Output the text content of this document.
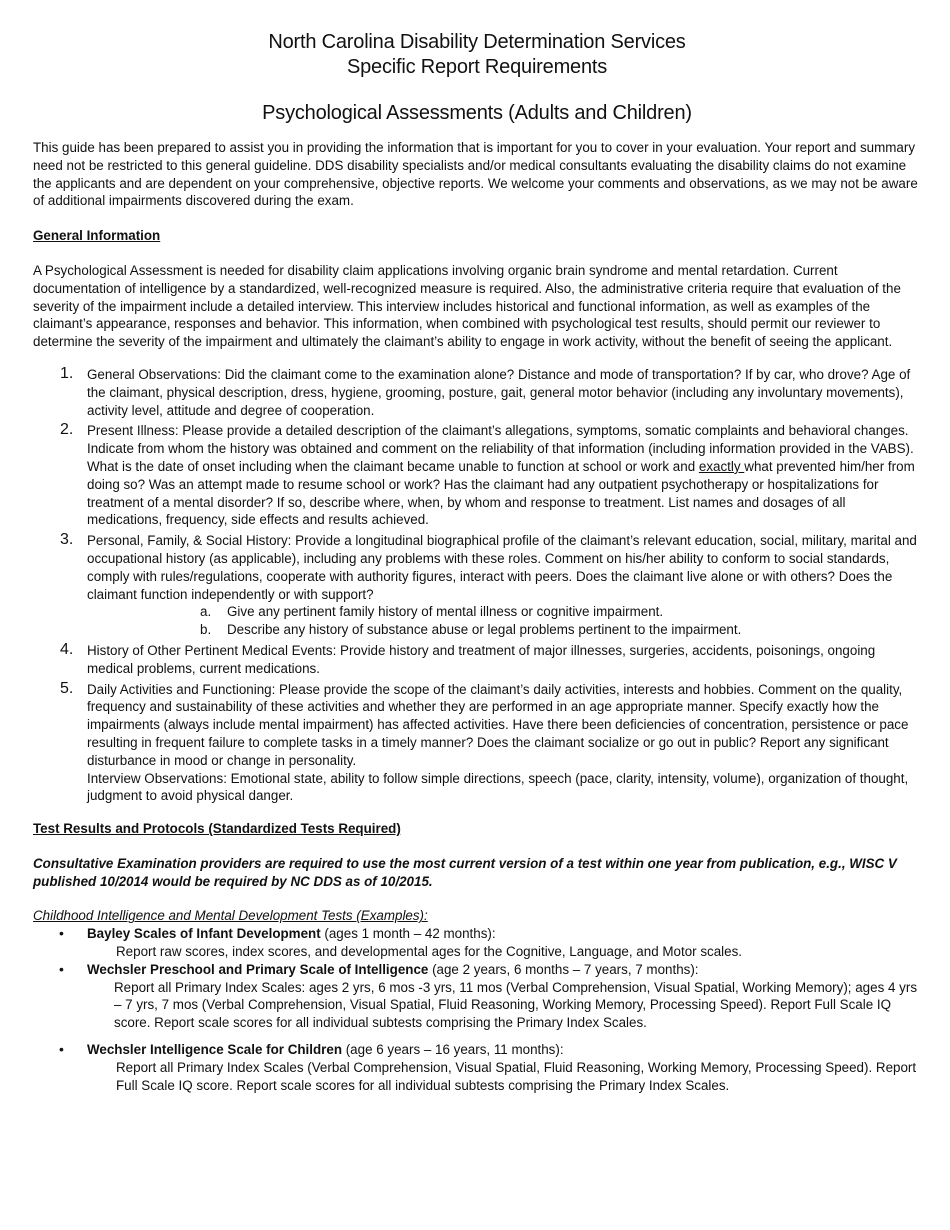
North Carolina Disability Determination Services
Specific Report Requirements
Psychological Assessments (Adults and Children)

This guide has been prepared to assist you in providing the information that is important for you to cover in your evaluation. Your report and summary need not be restricted to this general guideline. DDS disability specialists and/or medical consultants evaluating the disability claims do not examine the applicants and are dependent on your comprehensive, objective reports. We welcome your comments and observations, as we may not be aware of additional impairments discovered during the exam.

General Information

A Psychological Assessment is needed for disability claim applications involving organic brain syndrome and mental retardation. Current documentation of intelligence by a standardized, well-recognized measure is required. Also, the administrative criteria require that evaluation of the severity of the impairment include a detailed interview. This interview includes historical and functional information, as well as examples of the claimant’s appearance, responses and behavior. This information, when combined with psychological test results, should permit our reviewer to determine the severity of the impairment and ultimately the claimant’s ability to engage in work activity, without the benefit of seeing the applicant.

1. General Observations: Did the claimant come to the examination alone? Distance and mode of transportation? If by car, who drove? Age of the claimant, physical description, dress, hygiene, grooming, posture, gait, general motor behavior (including any involuntary movements), activity level, attitude and degree of cooperation.
2. Present Illness: Please provide a detailed description of the claimant’s allegations, symptoms, somatic complaints and behavioral changes. Indicate from whom the history was obtained and comment on the reliability of that information (including information provided in the VABS). What is the date of onset including when the claimant became unable to function at school or work and exactly what prevented him/her from doing so? Was an attempt made to resume school or work? Has the claimant had any outpatient psychotherapy or hospitalizations for treatment of a mental disorder? If so, describe where, when, by whom and response to treatment. List names and dosages of all medications, frequency, side effects and results achieved.
3. Personal, Family, & Social History: Provide a longitudinal biographical profile of the claimant’s relevant education, social, military, marital and occupational history (as applicable), including any problems with these roles. Comment on his/her ability to conform to social standards, comply with rules/regulations, cooperate with authority figures, interact with peers. Does the claimant live alone or with others? Does the claimant function independently or with support?
a. Give any pertinent family history of mental illness or cognitive impairment.
b. Describe any history of substance abuse or legal problems pertinent to the impairment.
4. History of Other Pertinent Medical Events: Provide history and treatment of major illnesses, surgeries, accidents, poisonings, ongoing medical problems, current medications.
5. Daily Activities and Functioning: Please provide the scope of the claimant’s daily activities, interests and hobbies. Comment on the quality, frequency and sustainability of these activities and whether they are performed in an age appropriate manner. Specify exactly how the impairments (always include mental impairment) has affected activities. Have there been deficiencies of concentration, persistence or pace resulting in frequent failure to complete tasks in a timely manner? Does the claimant socialize or go out in public? Report any significant disturbance in mood or change in personality.
Interview Observations: Emotional state, ability to follow simple directions, speech (pace, clarity, intensity, volume), organization of thought, judgment to avoid physical danger.
Test Results and Protocols (Standardized Tests Required)

Consultative Examination providers are required to use the most current version of a test within one year from publication, e.g., WISC V published 10/2014 would be required by NC DDS as of 10/2015.

Childhood Intelligence and Mental Development Tests (Examples):
• Bayley Scales of Infant Development (ages 1 month – 42 months):
Report raw scores, index scores, and developmental ages for the Cognitive, Language, and Motor scales.
• Wechsler Preschool and Primary Scale of Intelligence (age 2 years, 6 months – 7 years, 7 months):
Report all Primary Index Scales: ages 2 yrs, 6 mos -3 yrs, 11 mos (Verbal Comprehension, Visual Spatial, Working Memory); ages 4 yrs – 7 yrs, 7 mos (Verbal Comprehension, Visual Spatial, Fluid Reasoning, Working Memory, Processing Speed). Report Full Scale IQ score. Report scale scores for all individual subtests comprising the Primary Index Scales.
• Wechsler Intelligence Scale for Children (age 6 years – 16 years, 11 months):
Report all Primary Index Scales (Verbal Comprehension, Visual Spatial, Fluid Reasoning, Working Memory, Processing Speed). Report Full Scale IQ score. Report scale scores for all individual subtests comprising the Primary Index Scales.
